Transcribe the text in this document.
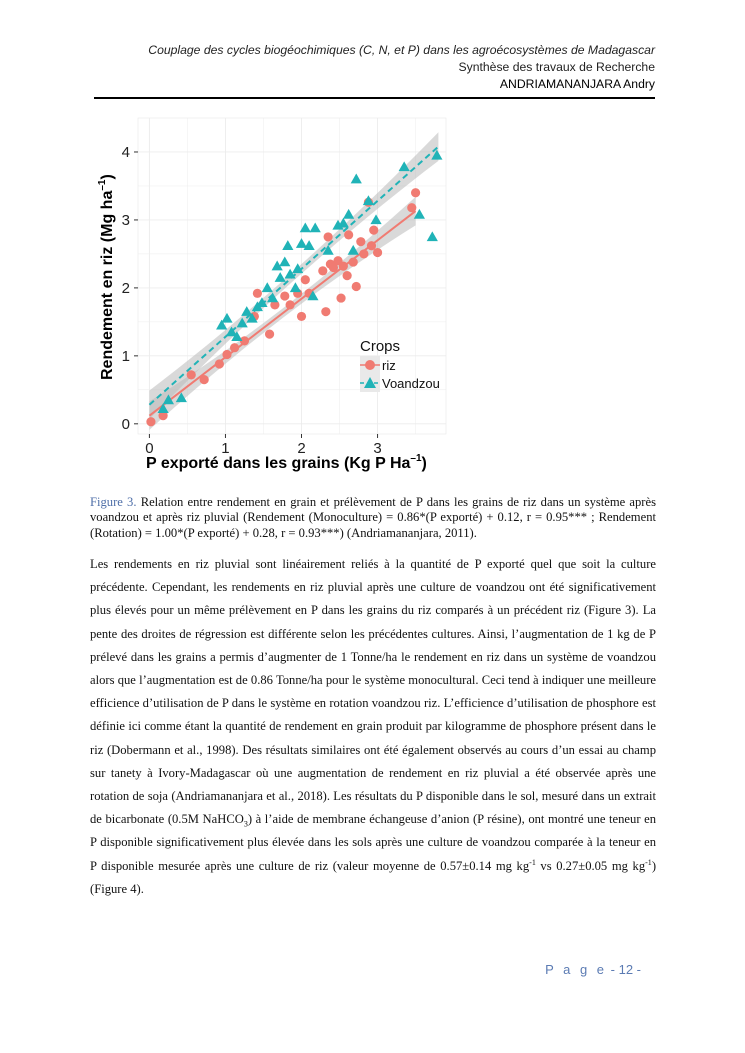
Couplage des cycles biogéochimiques (C, N, et P) dans les agroécosystèmes de Madagascar
Synthèse des travaux de Recherche
ANDRIAMANANJARA Andry
0	1	2	3
0
1
2
3
4
P exporté dans les grains (Kg P $Ha^{-1}$)
Rendement en riz (Mg $ha^{-1}$)
Crops
riz
Voandzou
Figure 3. Relation entre rendement en grain et prélèvement de P dans les grains de riz dans un système après voandzou et après riz pluvial (Rendement (Monoculture) = 0.86*(P exporté) + 0.12, r = 0.95*** ; Rendement (Rotation) = 1.00*(P exporté) + 0.28, r = 0.93***) (Andriamananjara, 2011).
Les rendements en riz pluvial sont linéairement reliés à la quantité de P exporté quel que soit la culture précédente. Cependant, les rendements en riz pluvial après une culture de voandzou ont été significativement plus élevés pour un même prélèvement en P dans les grains du riz comparés à un précédent riz (Figure 3). La pente des droites de régression est différente selon les précédentes cultures. Ainsi, l’augmentation de 1 kg de P prélevé dans les grains a permis d’augmenter de 1 Tonne/ha le rendement en riz dans un système de voandzou alors que l’augmentation est de 0.86 Tonne/ha pour le système monocultural. Ceci tend à indiquer une meilleure efficience d’utilisation de P dans le système en rotation voandzou riz. L’efficience d’utilisation de phosphore est définie ici comme étant la quantité de rendement en grain produit par kilogramme de phosphore présent dans le riz (Dobermann et al., 1998). Des résultats similaires ont été également observés au cours d’un essai au champ sur tanety à Ivory-Madagascar où une augmentation de rendement en riz pluvial a été observée après une rotation de soja (Andriamananjara et al., 2018). Les résultats du P disponible dans le sol, mesuré dans un extrait de bicarbonate (0.5M NaHCO$_3$) à l’aide de membrane échangeuse d’anion (P résine), ont montré une teneur en P disponible significativement plus élevée dans les sols après une culture de voandzou comparée à la teneur en P disponible mesurée après une culture de riz (valeur moyenne de 0.57±0.14 mg $kg^{-1}$ vs 0.27±0.05 mg $kg^{-1}$) (Figure 4).
P a g e - 12 -
